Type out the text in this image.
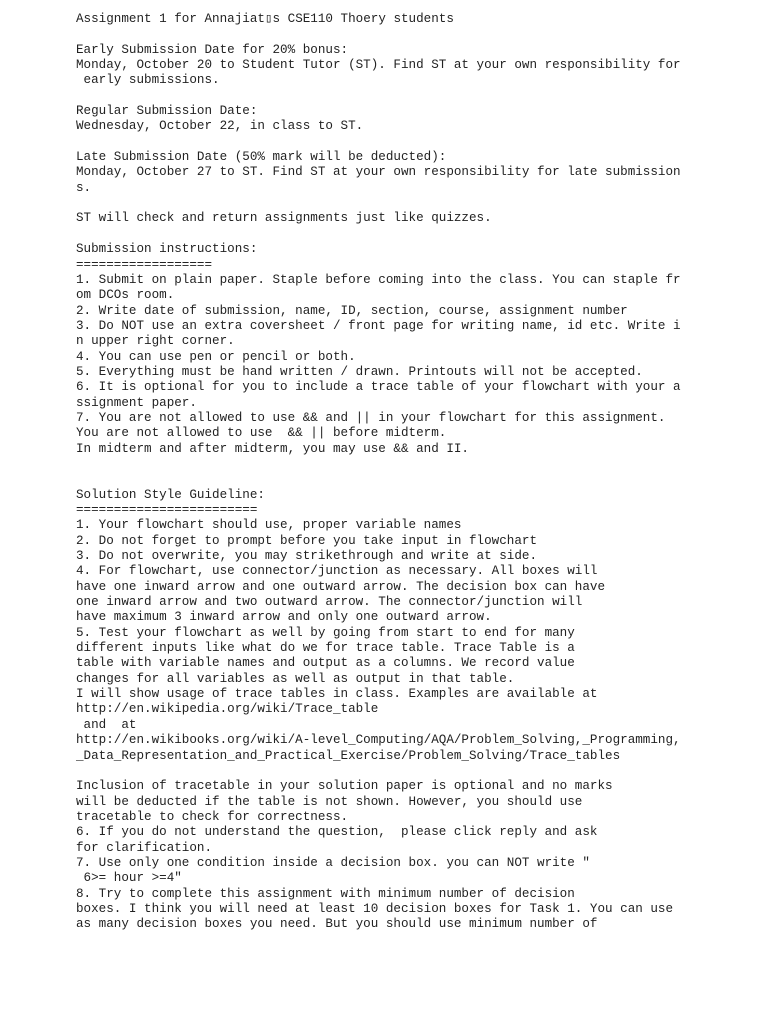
Assignment 1 for Annajiat▯s CSE110 Thoery students
Early Submission Date for 20% bonus:
Monday, October 20 to Student Tutor (ST). Find ST at your own responsibility for
early submissions.
Regular Submission Date:
Wednesday, October 22, in class to ST.
Late Submission Date (50% mark will be deducted):
Monday, October 27 to ST. Find ST at your own responsibility for late submission
s.
ST will check and return assignments just like quizzes.
Submission instructions:
==================
1. Submit on plain paper. Staple before coming into the class. You can staple fr
om DCOs room.
2. Write date of submission, name, ID, section, course, assignment number
3. Do NOT use an extra coversheet / front page for writing name, id etc. Write i
n upper right corner.
4. You can use pen or pencil or both.
5. Everything must be hand written / drawn. Printouts will not be accepted.
6. It is optional for you to include a trace table of your flowchart with your a
ssignment paper.
7. You are not allowed to use && and || in your flowchart for this assignment.
You are not allowed to use  && || before midterm.
In midterm and after midterm, you may use && and II.
Solution Style Guideline:
========================
1. Your flowchart should use, proper variable names
2. Do not forget to prompt before you take input in flowchart
3. Do not overwrite, you may strikethrough and write at side.
4. For flowchart, use connector/junction as necessary. All boxes will
have one inward arrow and one outward arrow. The decision box can have
one inward arrow and two outward arrow. The connector/junction will
have maximum 3 inward arrow and only one outward arrow.
5. Test your flowchart as well by going from start to end for many
different inputs like what do we for trace table. Trace Table is a
table with variable names and output as a columns. We record value
changes for all variables as well as output in that table.
I will show usage of trace tables in class. Examples are available at
http://en.wikipedia.org/wiki/Trace_table
and  at
http://en.wikibooks.org/wiki/A-level_Computing/AQA/Problem_Solving,_Programming,
_Data_Representation_and_Practical_Exercise/Problem_Solving/Trace_tables
Inclusion of tracetable in your solution paper is optional and no marks
will be deducted if the table is not shown. However, you should use
tracetable to check for correctness.
6. If you do not understand the question,  please click reply and ask
for clarification.
7. Use only one condition inside a decision box. you can NOT write "
6>= hour >=4"
8. Try to complete this assignment with minimum number of decision
boxes. I think you will need at least 10 decision boxes for Task 1. You can use
as many decision boxes you need. But you should use minimum number of
